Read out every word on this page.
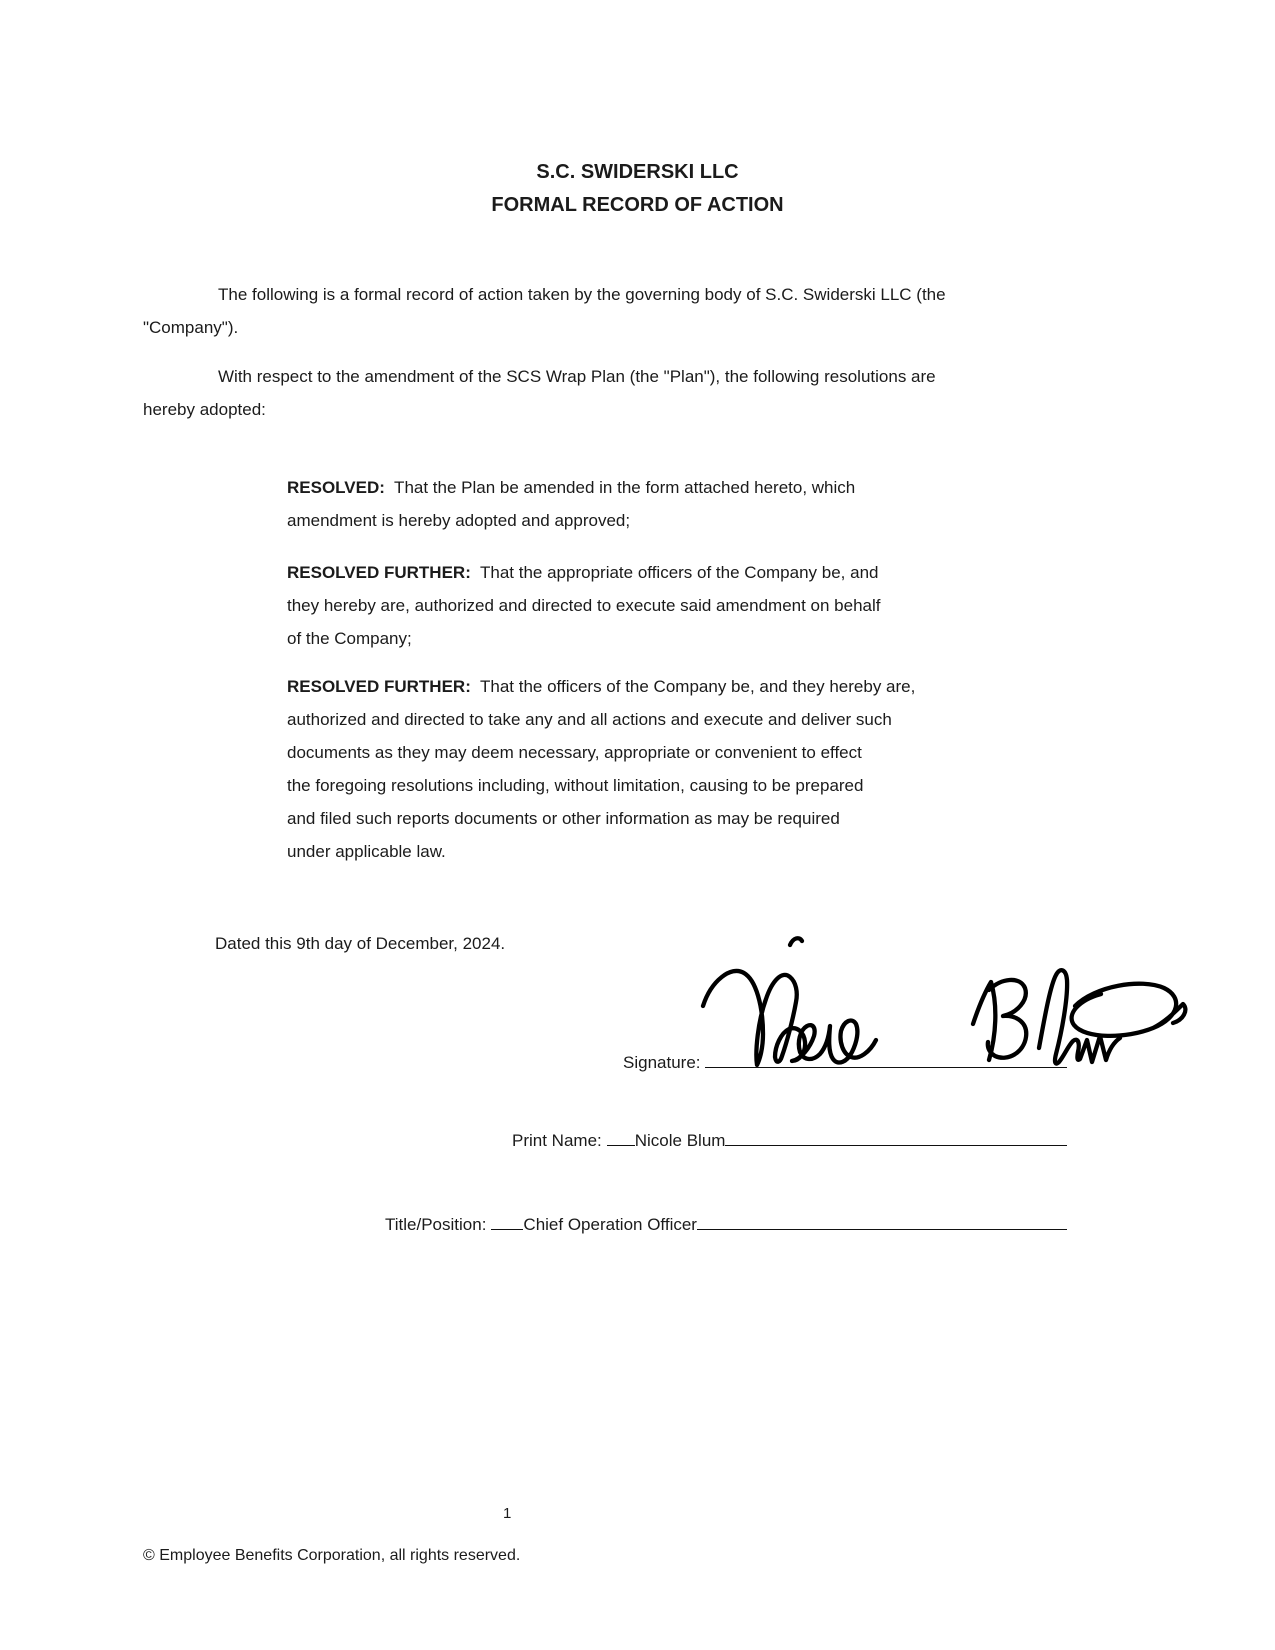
S.C. SWIDERSKI LLC
FORMAL RECORD OF ACTION
The following is a formal record of action taken by the governing body of S.C. Swiderski LLC (the
"Company").
With respect to the amendment of the SCS Wrap Plan (the "Plan"), the following resolutions are
hereby adopted:
RESOLVED:  That the Plan be amended in the form attached hereto, which
amendment is hereby adopted and approved;
RESOLVED FURTHER:  That the appropriate officers of the Company be, and
they hereby are, authorized and directed to execute said amendment on behalf
of the Company;
RESOLVED FURTHER:  That the officers of the Company be, and they hereby are,
authorized and directed to take any and all actions and execute and deliver such
documents as they may deem necessary, appropriate or convenient to effect
the foregoing resolutions including, without limitation, causing to be prepared
and filed such reports documents or other information as may be required
under applicable law.
Dated this 9th day of December, 2024.
Signature:

Print Name: Nicole Blum
Title/Position: Chief Operation Officer
1
© Employee Benefits Corporation, all rights reserved.
